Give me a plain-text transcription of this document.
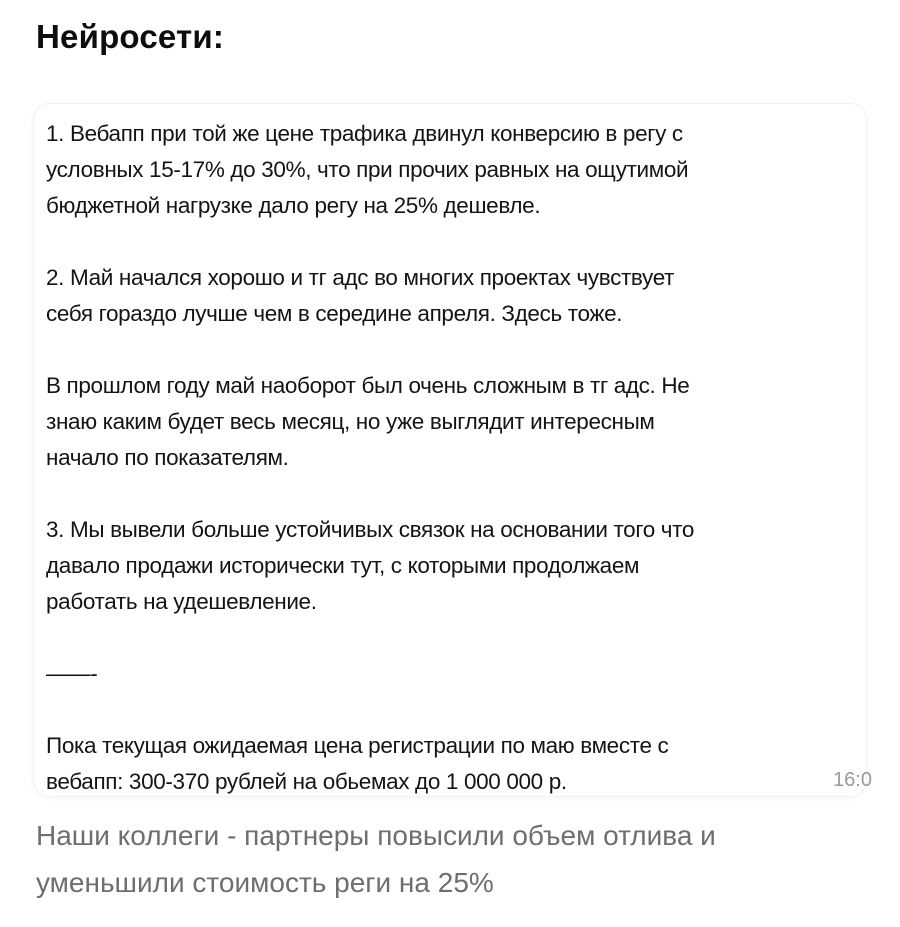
Нейросети:
1. Вебапп при той же цене трафика двинул конверсию в регу с
условных 15-17% до 30%, что при прочих равных на ощутимой
бюджетной нагрузке дало регу на 25% дешевле.
2. Май начался хорошо и тг адс во многих проектах чувствует
себя гораздо лучше чем в середине апреля. Здесь тоже.
В прошлом году май наоборот был очень сложным в тг адс. Не
знаю каким будет весь месяц, но уже выглядит интересным
начало по показателям.
3. Мы вывели больше устойчивых связок на основании того что
давало продажи исторически тут, с которыми продолжаем
работать на удешевление.
——-
Пока текущая ожидаемая цена регистрации по маю вместе с
вебапп: 300-370 рублей на обьемах до 1 000 000 р.	16:0
Наши коллеги - партнеры повысили объем отлива и
уменьшили стоимость реги на 25%
